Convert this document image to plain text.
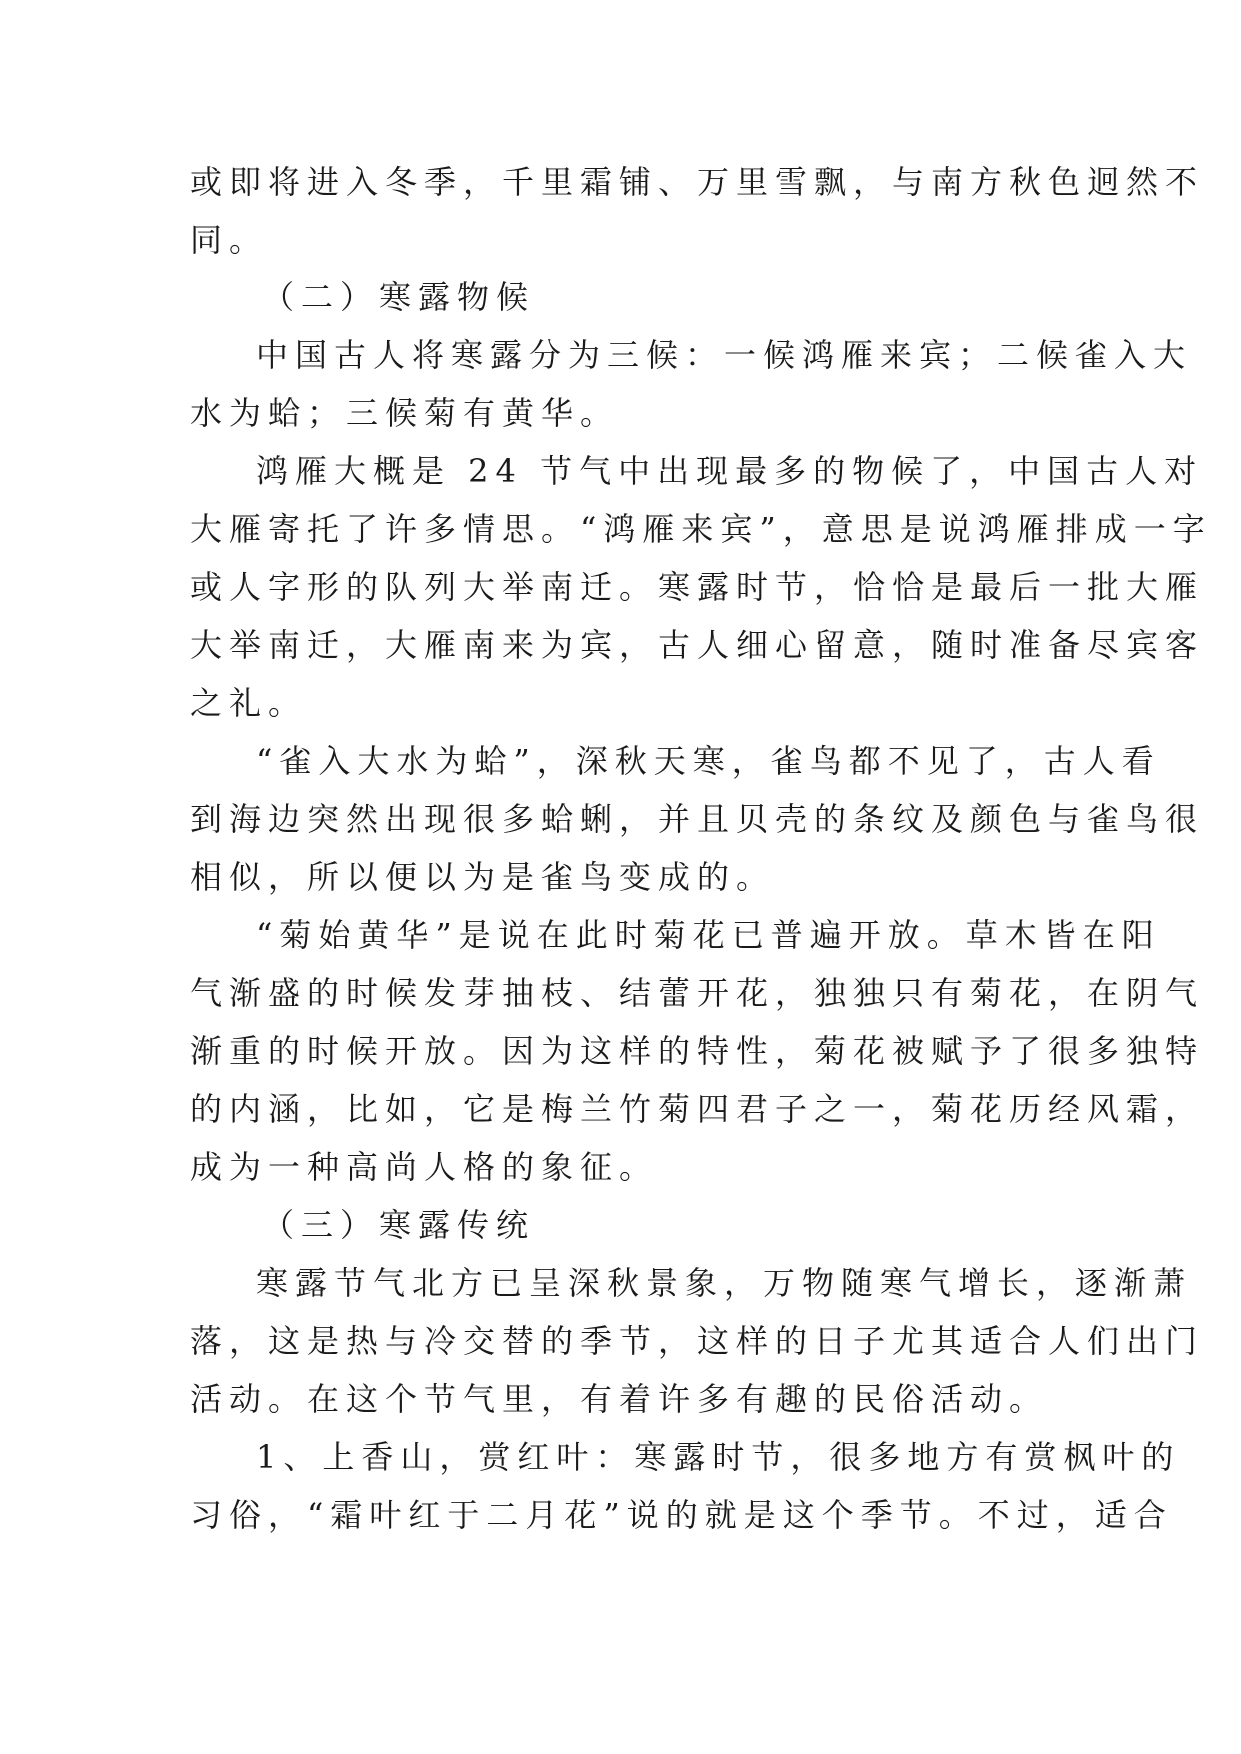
或即将进入冬季，千里霜铺、万里雪飘，与南方秋色迥然不
同。
（二）寒露物候
中国古人将寒露分为三候：一候鸿雁来宾；二候雀入大
水为蛤；三候菊有黄华。
鸿雁大概是 24 节气中出现最多的物候了，中国古人对
大雁寄托了许多情思。“鸿雁来宾”，意思是说鸿雁排成一字
或人字形的队列大举南迁。寒露时节，恰恰是最后一批大雁
大举南迁，大雁南来为宾，古人细心留意，随时准备尽宾客
之礼。
“雀入大水为蛤”，深秋天寒，雀鸟都不见了，古人看
到海边突然出现很多蛤蜊，并且贝壳的条纹及颜色与雀鸟很
相似，所以便以为是雀鸟变成的。
“菊始黄华”是说在此时菊花已普遍开放。草木皆在阳
气渐盛的时候发芽抽枝、结蕾开花，独独只有菊花，在阴气
渐重的时候开放。因为这样的特性，菊花被赋予了很多独特
的内涵，比如，它是梅兰竹菊四君子之一，菊花历经风霜，
成为一种高尚人格的象征。
（三）寒露传统
寒露节气北方已呈深秋景象，万物随寒气增长，逐渐萧
落，这是热与冷交替的季节，这样的日子尤其适合人们出门
活动。在这个节气里，有着许多有趣的民俗活动。
1、上香山，赏红叶：寒露时节，很多地方有赏枫叶的
习俗，“霜叶红于二月花”说的就是这个季节。不过，适合
